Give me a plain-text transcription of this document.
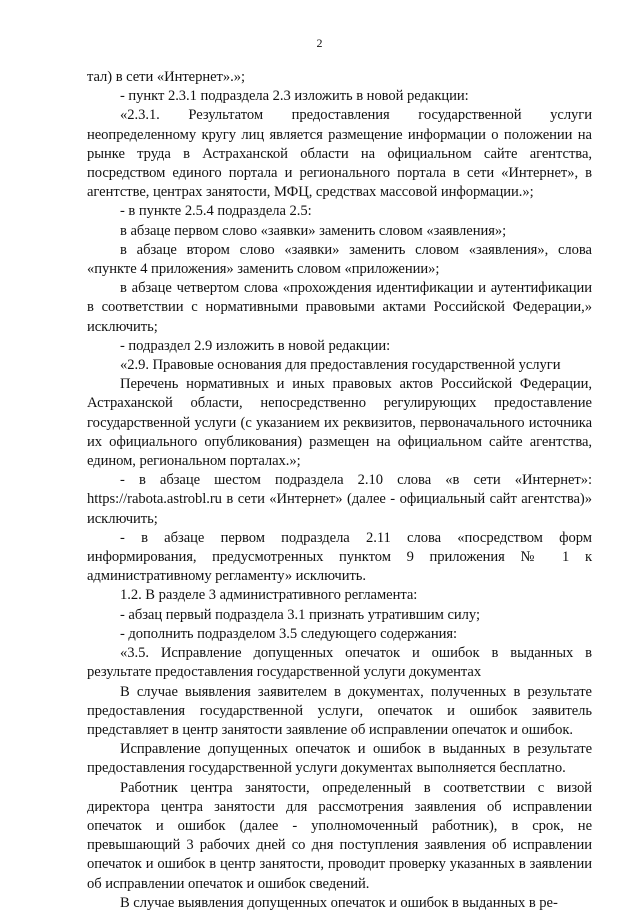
2

тал) в сети «Интернет».»;

- пункт 2.3.1 подраздела 2.3 изложить в новой редакции:

«2.3.1. Результатом предоставления государственной услуги неопределенному кругу лиц является размещение информации о положении на рынке труда в Астраханской области на официальном сайте агентства, посредством единого портала и регионального портала в сети «Интернет», в агентстве, центрах занятости, МФЦ, средствах массовой информации.»;

- в пункте 2.5.4 подраздела 2.5:

в абзаце первом слово «заявки» заменить словом «заявления»;

в абзаце втором слово «заявки» заменить словом «заявления», слова «пункте 4 приложения» заменить словом «приложении»;

в абзаце четвертом слова «прохождения идентификации и аутентификации в соответствии с нормативными правовыми актами Российской Федерации,» исключить;

- подраздел 2.9 изложить в новой редакции:

«2.9. Правовые основания для предоставления государственной услуги

Перечень нормативных и иных правовых актов Российской Федерации, Астраханской области, непосредственно регулирующих предоставление государственной услуги (с указанием их реквизитов, первоначального источника их официального опубликования) размещен на официальном сайте агентства, едином, региональном порталах.»;

- в абзаце шестом подраздела 2.10 слова «в сети «Интернет»: https://rabota.astrobl.ru в сети «Интернет» (далее - официальный сайт агентства)» исключить;

- в абзаце первом подраздела 2.11 слова «посредством форм информирования, предусмотренных пунктом 9 приложения № 1 к административному регламенту» исключить.

1.2. В разделе 3 административного регламента:

- абзац первый подраздела 3.1 признать утратившим силу;

- дополнить подразделом 3.5 следующего содержания:

«3.5. Исправление допущенных опечаток и ошибок в выданных в результате предоставления государственной услуги документах

В случае выявления заявителем в документах, полученных в результате предоставления государственной услуги, опечаток и ошибок заявитель представляет в центр занятости заявление об исправлении опечаток и ошибок.

Исправление допущенных опечаток и ошибок в выданных в результате предоставления государственной услуги документах выполняется бесплатно.

Работник центра занятости, определенный в соответствии с визой директора центра занятости для рассмотрения заявления об исправлении опечаток и ошибок (далее - уполномоченный работник), в срок, не превышающий 3 рабочих дней со дня поступления заявления об исправлении опечаток и ошибок в центр занятости, проводит проверку указанных в заявлении об исправлении опечаток и ошибок сведений.

В случае выявления допущенных опечаток и ошибок в выданных в ре-
